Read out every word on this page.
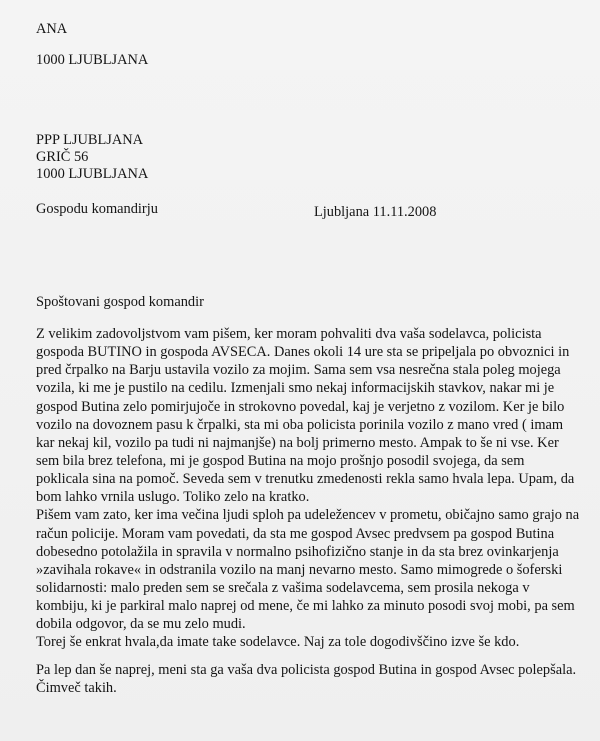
ANA
1000 LJUBLJANA
PPP LJUBLJANA
GRIČ 56
1000 LJUBLJANA
Gospodu komandirju	Ljubljana 11.11.2008
Spoštovani gospod komandir
Z velikim zadovoljstvom vam pišem, ker moram pohvaliti dva vaša sodelavca, policista
gospoda BUTINO in gospoda AVSECA. Danes okoli 14 ure sta se pripeljala po obvoznici in
pred črpalko na Barju ustavila vozilo za mojim. Sama sem vsa nesrečna stala poleg mojega
vozila, ki me je pustilo na cedilu. Izmenjali smo nekaj informacijskih stavkov, nakar mi je
gospod Butina zelo pomirjujoče in strokovno povedal, kaj je verjetno z vozilom. Ker je bilo
vozilo na dovoznem pasu k črpalki, sta mi oba policista porinila vozilo z mano vred ( imam
kar nekaj kil, vozilo pa tudi ni najmanjše) na bolj primerno mesto. Ampak to še ni vse. Ker
sem bila brez telefona, mi je gospod Butina na mojo prošnjo posodil svojega, da sem
poklicala sina na pomoč. Seveda sem v trenutku zmedenosti rekla samo hvala lepa. Upam, da
bom lahko vrnila uslugo. Toliko zelo na kratko.
Pišem vam zato, ker ima večina ljudi sploh pa udeležencev v prometu, običajno samo grajo na
račun policije. Moram vam povedati, da sta me gospod Avsec predvsem pa gospod Butina
dobesedno potolažila in spravila v normalno psihofizično stanje in da sta brez ovinkarjenja
»zavihala rokave« in odstranila vozilo na manj nevarno mesto. Samo mimogrede o šoferski
solidarnosti: malo preden sem se srečala z vašima sodelavcema, sem prosila nekoga v
kombiju, ki je parkiral malo naprej od mene, če mi lahko za minuto posodi svoj mobi, pa sem
dobila odgovor, da se mu zelo mudi.
Torej še enkrat hvala,da imate take sodelavce. Naj za tole dogodivščino izve še kdo.
Pa lep dan še naprej, meni sta ga vaša dva policista gospod Butina in gospod Avsec polepšala.
Čimveč takih.
